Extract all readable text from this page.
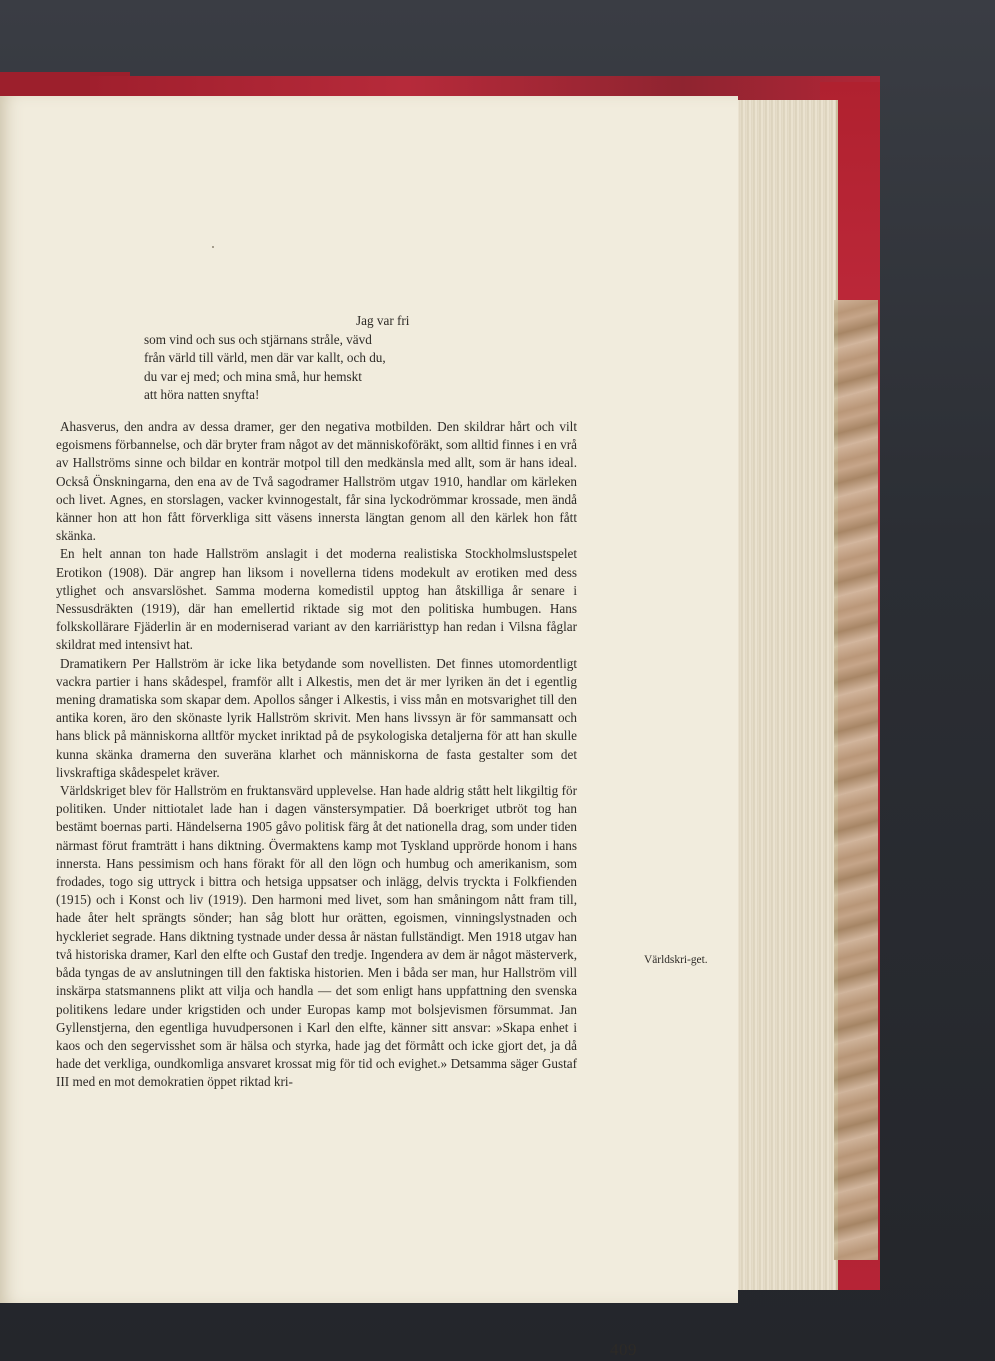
Jag var fri
som vind och sus och stjärnans stråle, vävd
från värld till värld, men där var kallt, och du,
du var ej med; och mina små, hur hemskt
att höra natten snyfta!

Ahasverus, den andra av dessa dramer, ger den negativa motbilden. Den skildrar hårt och vilt egoismens förbannelse, och där bryter fram något av det människoföräkt, som alltid finnes i en vrå av Hallströms sinne och bildar en konträr motpol till den medkänsla med allt, som är hans ideal. Också Önskningarna, den ena av de Två sagodramer Hallström utgav 1910, handlar om kärleken och livet. Agnes, en storslagen, vacker kvinnogestalt, får sina lyckodrömmar krossade, men ändå känner hon att hon fått förverkliga sitt väsens innersta längtan genom all den kärlek hon fått skänka.

En helt annan ton hade Hallström anslagit i det moderna realistiska Stockholmslustspelet Erotikon (1908). Där angrep han liksom i novellerna tidens modekult av erotiken med dess ytlighet och ansvarslöshet. Samma moderna komedistil upptog han åtskilliga år senare i Nessusdräkten (1919), där han emellertid riktade sig mot den politiska humbugen. Hans folkskollärare Fjäderlin är en moderniserad variant av den karriäristtyp han redan i Vilsna fåglar skildrat med intensivt hat.

Dramatikern Per Hallström är icke lika betydande som novellisten. Det finnes utomordentligt vackra partier i hans skådespel, framför allt i Alkestis, men det är mer lyriken än det i egentlig mening dramatiska som skapar dem. Apollos sånger i Alkestis, i viss mån en motsvarighet till den antika koren, äro den skönaste lyrik Hallström skrivit. Men hans livssyn är för sammansatt och hans blick på människorna alltför mycket inriktad på de psykologiska detaljerna för att han skulle kunna skänka dramerna den suveräna klarhet och människorna de fasta gestalter som det livskraftiga skådespelet kräver.

Världskriget blev för Hallström en fruktansvärd upplevelse. Han hade aldrig stått helt likgiltig för politiken. Under nittiotalet lade han i dagen vänstersympatier. Då boerkriget utbröt tog han bestämt boernas parti. Händelserna 1905 gåvo politisk färg åt det nationella drag, som under tiden närmast förut framträtt i hans diktning. Övermaktens kamp mot Tyskland upprörde honom i hans innersta. Hans pessimism och hans förakt för all den lögn och humbug och amerikanism, som frodades, togo sig uttryck i bittra och hetsiga uppsatser och inlägg, delvis tryckta i Folkfienden (1915) och i Konst och liv (1919). Den harmoni med livet, som han småningom nått fram till, hade åter helt sprängts sönder; han såg blott hur orätten, egoismen, vinningslystnaden och hyckleriet segrade. Hans diktning tystnade under dessa år nästan fullständigt. Men 1918 utgav han två historiska dramer, Karl den elfte och Gustaf den tredje. Ingendera av dem är något mästerverk, båda tyngas de av anslutningen till den faktiska historien. Men i båda ser man, hur Hallström vill inskärpa statsmannens plikt att vilja och handla — det som enligt hans uppfattning den svenska politikens ledare under krigstiden och under Europas kamp mot bolsjevismen försummat. Jan Gyllenstjerna, den egentliga huvudpersonen i Karl den elfte, känner sitt ansvar: »Skapa enhet i kaos och den segervisshet som är hälsa och styrka, hade jag det förmått och icke gjort det, ja då hade det verkliga, oundkomliga ansvaret krossat mig för tid och evighet.» Detsamma säger Gustaf III med en mot demokratien öppet riktad kri-

Världskri-get.
409
